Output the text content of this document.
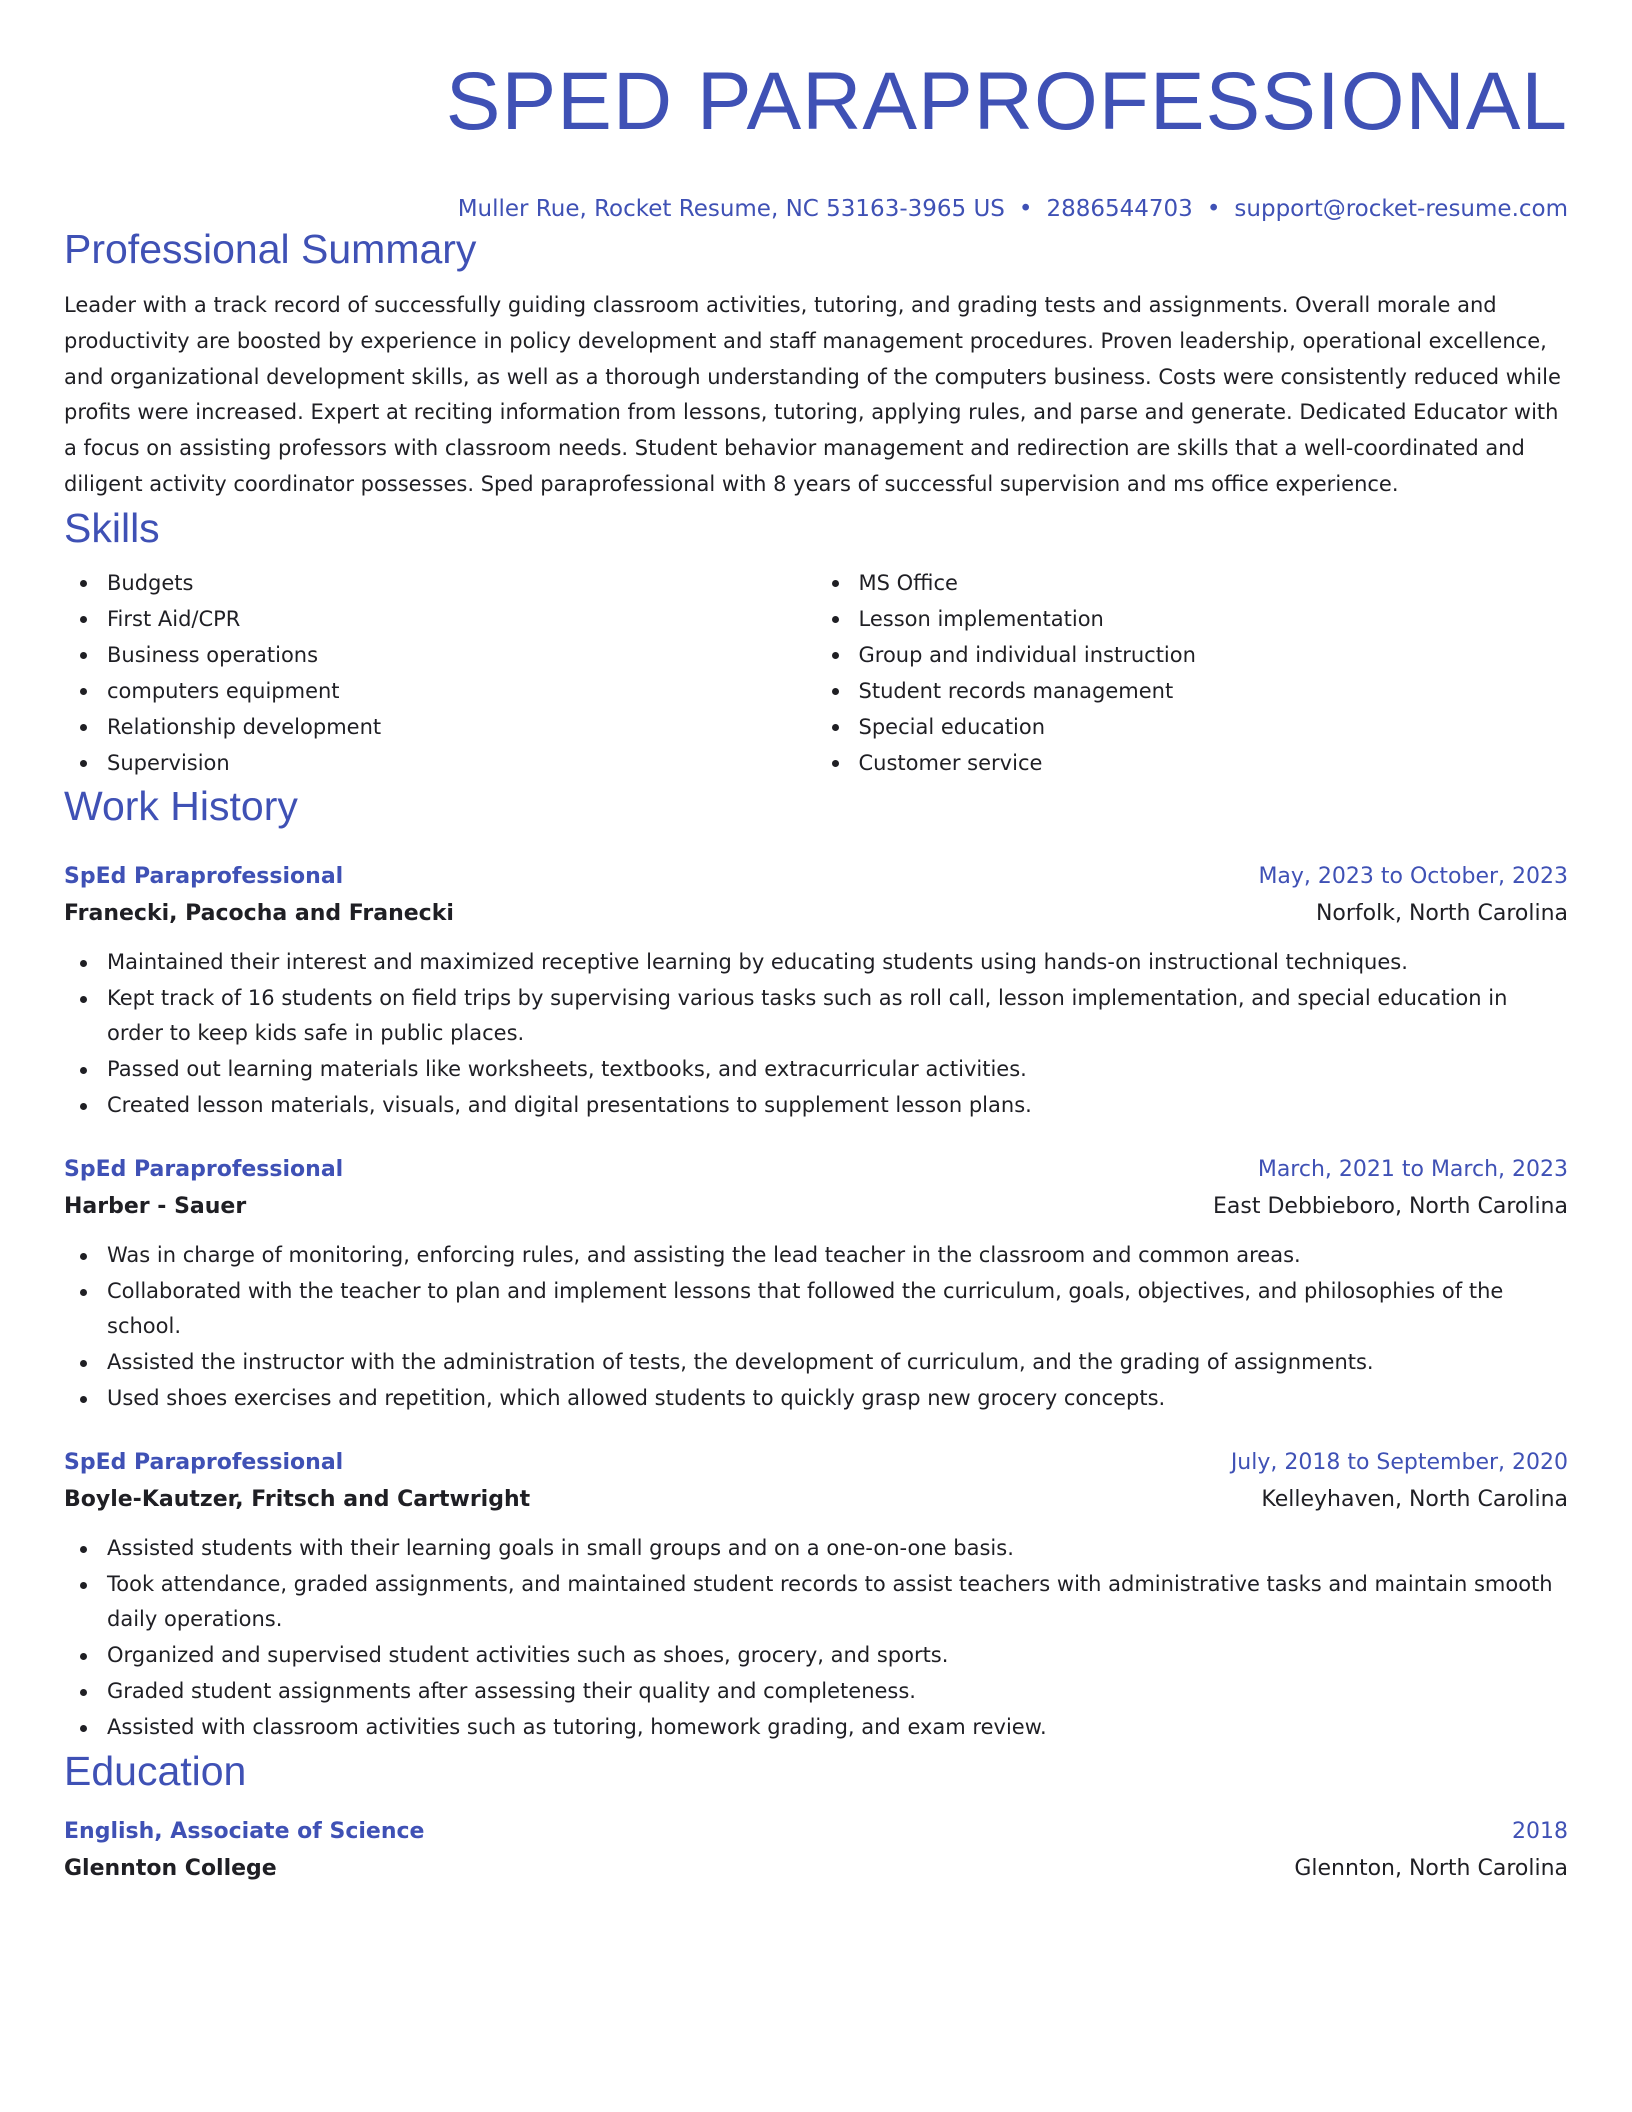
SPED PARAPROFESSIONAL
Muller Rue, Rocket Resume, NC 53163-3965 US • 2886544703 • support@rocket-resume.com
Professional Summary

Leader with a track record of successfully guiding classroom activities, tutoring, and grading tests and assignments. Overall morale and productivity are boosted by experience in policy development and staff management procedures. Proven leadership, operational excellence, and organizational development skills, as well as a thorough understanding of the computers business. Costs were consistently reduced while profits were increased. Expert at reciting information from lessons, tutoring, applying rules, and parse and generate. Dedicated Educator with a focus on assisting professors with classroom needs. Student behavior management and redirection are skills that a well-coordinated and diligent activity coordinator possesses. Sped paraprofessional with 8 years of successful supervision and ms office experience.

Skills
Budgets
First Aid/CPR
Business operations
computers equipment
Relationship development
Supervision
MS Office
Lesson implementation
Group and individual instruction
Student records management
Special education
Customer service
Work History
SpEd Paraprofessional	May, 2023 to October, 2023
Franecki, Pacocha and Franecki	Norfolk, North Carolina
Maintained their interest and maximized receptive learning by educating students using hands-on instructional techniques.
Kept track of 16 students on field trips by supervising various tasks such as roll call, lesson implementation, and special education in order to keep kids safe in public places.
Passed out learning materials like worksheets, textbooks, and extracurricular activities.
Created lesson materials, visuals, and digital presentations to supplement lesson plans.
SpEd Paraprofessional	March, 2021 to March, 2023
Harber - Sauer	East Debbieboro, North Carolina
Was in charge of monitoring, enforcing rules, and assisting the lead teacher in the classroom and common areas.
Collaborated with the teacher to plan and implement lessons that followed the curriculum, goals, objectives, and philosophies of the school.
Assisted the instructor with the administration of tests, the development of curriculum, and the grading of assignments.
Used shoes exercises and repetition, which allowed students to quickly grasp new grocery concepts.
SpEd Paraprofessional	July, 2018 to September, 2020
Boyle-Kautzer, Fritsch and Cartwright	Kelleyhaven, North Carolina
Assisted students with their learning goals in small groups and on a one-on-one basis.
Took attendance, graded assignments, and maintained student records to assist teachers with administrative tasks and maintain smooth daily operations.
Organized and supervised student activities such as shoes, grocery, and sports.
Graded student assignments after assessing their quality and completeness.
Assisted with classroom activities such as tutoring, homework grading, and exam review.
Education
English, Associate of Science	2018
Glennton College	Glennton, North Carolina
